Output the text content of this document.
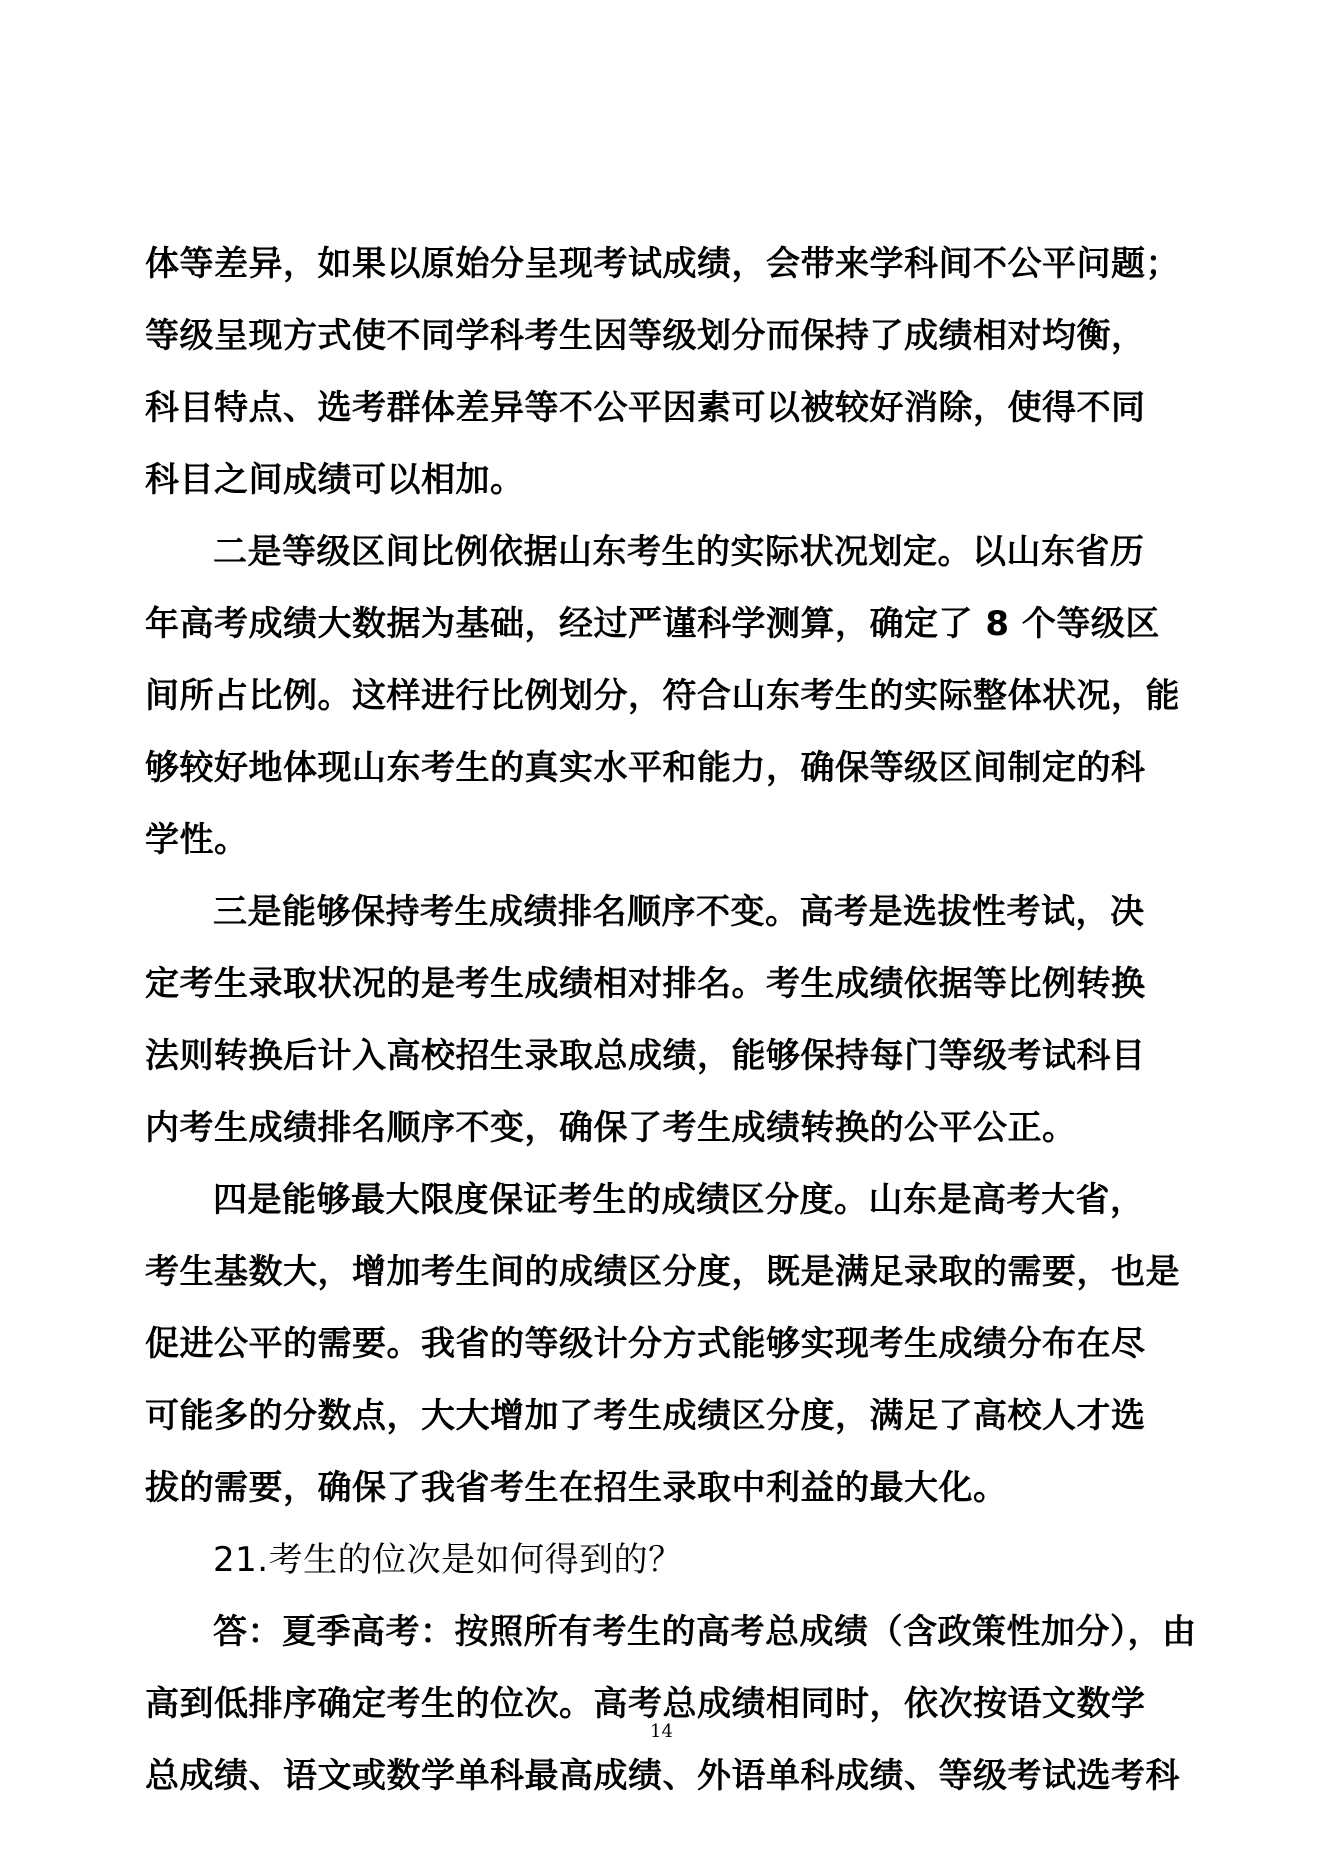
体等差异，如果以原始分呈现考试成绩，会带来学科间不公平问题；
等级呈现方式使不同学科考生因等级划分而保持了成绩相对均衡，
科目特点、选考群体差异等不公平因素可以被较好消除，使得不同
科目之间成绩可以相加。

二是等级区间比例依据山东考生的实际状况划定。以山东省历
年高考成绩大数据为基础，经过严谨科学测算，确定了 8 个等级区
间所占比例。这样进行比例划分，符合山东考生的实际整体状况，能
够较好地体现山东考生的真实水平和能力，确保等级区间制定的科
学性。

三是能够保持考生成绩排名顺序不变。高考是选拔性考试，决
定考生录取状况的是考生成绩相对排名。考生成绩依据等比例转换
法则转换后计入高校招生录取总成绩，能够保持每门等级考试科目
内考生成绩排名顺序不变，确保了考生成绩转换的公平公正。

四是能够最大限度保证考生的成绩区分度。山东是高考大省，
考生基数大，增加考生间的成绩区分度，既是满足录取的需要，也是
促进公平的需要。我省的等级计分方式能够实现考生成绩分布在尽
可能多的分数点，大大增加了考生成绩区分度，满足了高校人才选
拔的需要，确保了我省考生在招生录取中利益的最大化。

21.考生的位次是如何得到的？

答：夏季高考：按照所有考生的高考总成绩（含政策性加分），由
高到低排序确定考生的位次。高考总成绩相同时，依次按语文数学
总成绩、语文或数学单科最高成绩、外语单科成绩、等级考试选考科

14
